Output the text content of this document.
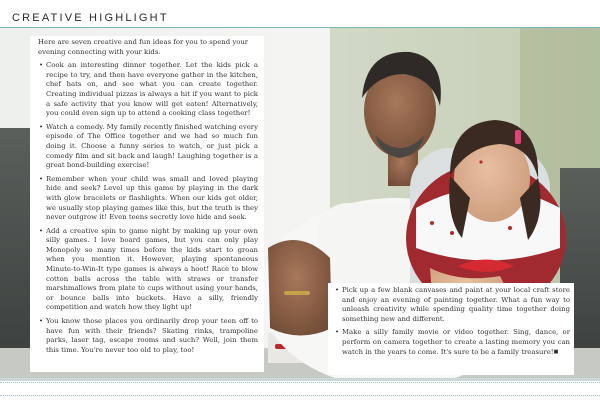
CREATIVE HIGHLIGHT

Here are seven creative and fun ideas for you to spend your evening connecting with your kids.

• Cook an interesting dinner together. Let the kids pick a recipe to try, and then have everyone gather in the kitchen, chef hats on, and see what you can create together. Creating individual pizzas is always a hit if you want to pick a safe activity that you know will get eaten! Alternatively, you could even sign up to attend a cooking class together!
• Watch a comedy. My family recently finished watching every episode of The Office together and we had so much fun doing it. Choose a funny series to watch, or just pick a comedy film and sit back and laugh! Laughing together is a great bond-building exercise!
• Remember when your child was small and loved playing hide and seek? Level up this game by playing in the dark with glow bracelets or flashlights. When our kids get older, we usually stop playing games like this, but the truth is they never outgrow it! Even teens secretly love hide and seek.
• Add a creative spin to game night by making up your own silly games. I love board games, but you can only play Monopoly so many times before the kids start to groan when you mention it. However, playing spontaneous Minute-to-Win-It type games is always a hoot! Race to blow cotton balls across the table with straws or transfer marshmallows from plate to cups without using your hands, or bounce balls into buckets. Have a silly, friendly competition and watch how they light up!
• You know those places you ordinarily drop your teen off to have fun with their friends? Skating rinks, trampoline parks, laser tag, escape rooms and such? Well, join them this time. You're never too old to play, too!
• Pick up a few blank canvases and paint at your local craft store and enjoy an evening of painting together. What a fun way to unleash creativity while spending quality time together doing something new and different.
• Make a silly family movie or video together. Sing, dance, or perform on camera together to create a lasting memory you can watch in the years to come. It's sure to be a family treasure!■
